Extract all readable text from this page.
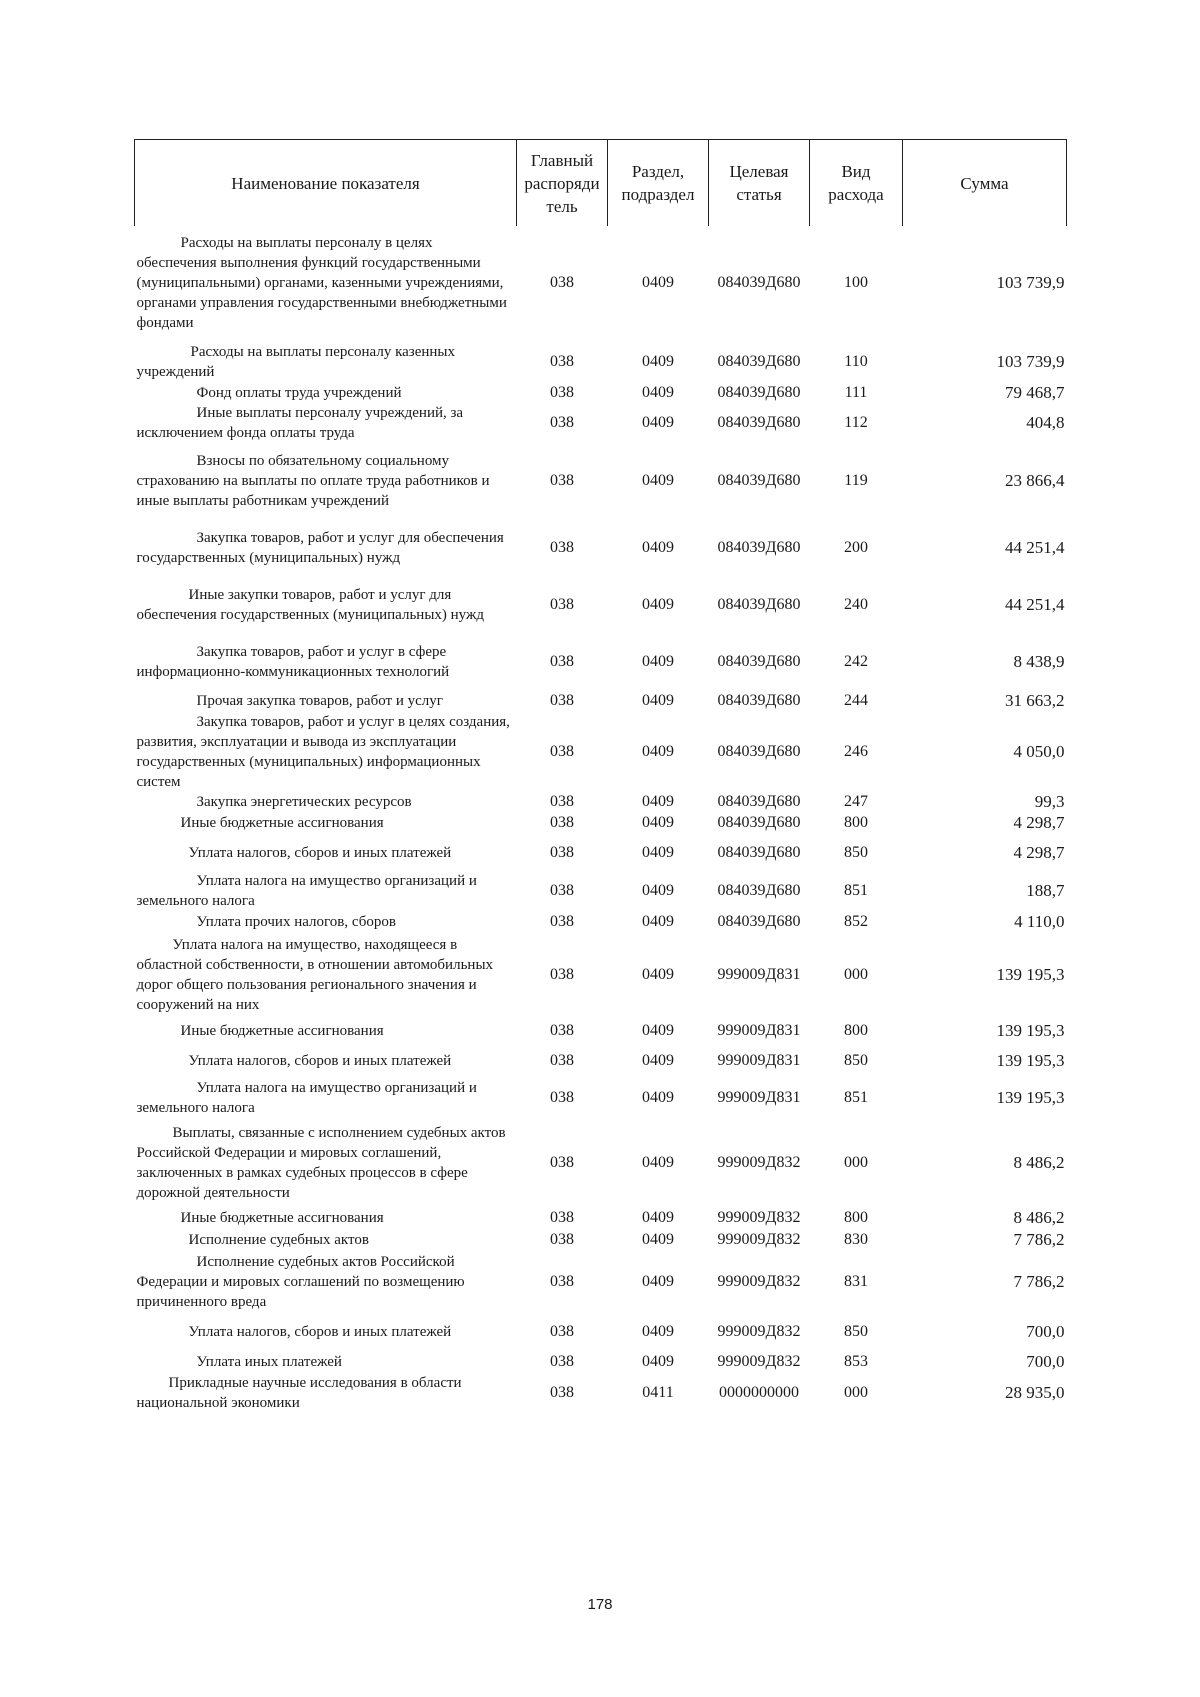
Наименование показателя	Главный распоряди тель	Раздел, подраздел	Целевая статья	Вид расхода	Сумма
Расходы на выплаты персоналу в целях обеспечения выполнения функций государственными (муниципальными) органами, казенными учреждениями, органами управления государственными внебюджетными фондами	038	0409	084039Д680	100	103 739,9
Расходы на выплаты персоналу казенных учреждений	038	0409	084039Д680	110	103 739,9
Фонд оплаты труда учреждений	038	0409	084039Д680	111	79 468,7
Иные выплаты персоналу учреждений, за исключением фонда оплаты труда	038	0409	084039Д680	112	404,8
Взносы по обязательному социальному страхованию на выплаты по оплате труда работников и иные выплаты работникам учреждений	038	0409	084039Д680	119	23 866,4
Закупка товаров, работ и услуг для обеспечения государственных (муниципальных) нужд	038	0409	084039Д680	200	44 251,4
Иные закупки товаров, работ и услуг для обеспечения государственных (муниципальных) нужд	038	0409	084039Д680	240	44 251,4
Закупка товаров, работ и услуг в сфере информационно-коммуникационных технологий	038	0409	084039Д680	242	8 438,9
Прочая закупка товаров, работ и услуг	038	0409	084039Д680	244	31 663,2
Закупка товаров, работ и услуг в целях создания, развития, эксплуатации и вывода из эксплуатации государственных (муниципальных) информационных систем	038	0409	084039Д680	246	4 050,0
Закупка энергетических ресурсов	038	0409	084039Д680	247	99,3
Иные бюджетные ассигнования	038	0409	084039Д680	800	4 298,7
Уплата налогов, сборов и иных платежей	038	0409	084039Д680	850	4 298,7
Уплата налога на имущество организаций и земельного налога	038	0409	084039Д680	851	188,7
Уплата прочих налогов, сборов	038	0409	084039Д680	852	4 110,0
Уплата налога на имущество, находящееся в областной собственности, в отношении автомобильных дорог общего пользования регионального значения и сооружений на них	038	0409	999009Д831	000	139 195,3
Иные бюджетные ассигнования	038	0409	999009Д831	800	139 195,3
Уплата налогов, сборов и иных платежей	038	0409	999009Д831	850	139 195,3
Уплата налога на имущество организаций и земельного налога	038	0409	999009Д831	851	139 195,3
Выплаты, связанные с исполнением судебных актов Российской Федерации и мировых соглашений, заключенных в рамках судебных процессов в сфере дорожной деятельности	038	0409	999009Д832	000	8 486,2
Иные бюджетные ассигнования	038	0409	999009Д832	800	8 486,2
Исполнение судебных актов	038	0409	999009Д832	830	7 786,2
Исполнение судебных актов Российской Федерации и мировых соглашений по возмещению причиненного вреда	038	0409	999009Д832	831	7 786,2
Уплата налогов, сборов и иных платежей	038	0409	999009Д832	850	700,0
Уплата иных платежей	038	0409	999009Д832	853	700,0
Прикладные научные исследования в области национальной экономики	038	0411	0000000000	000	28 935,0
178
